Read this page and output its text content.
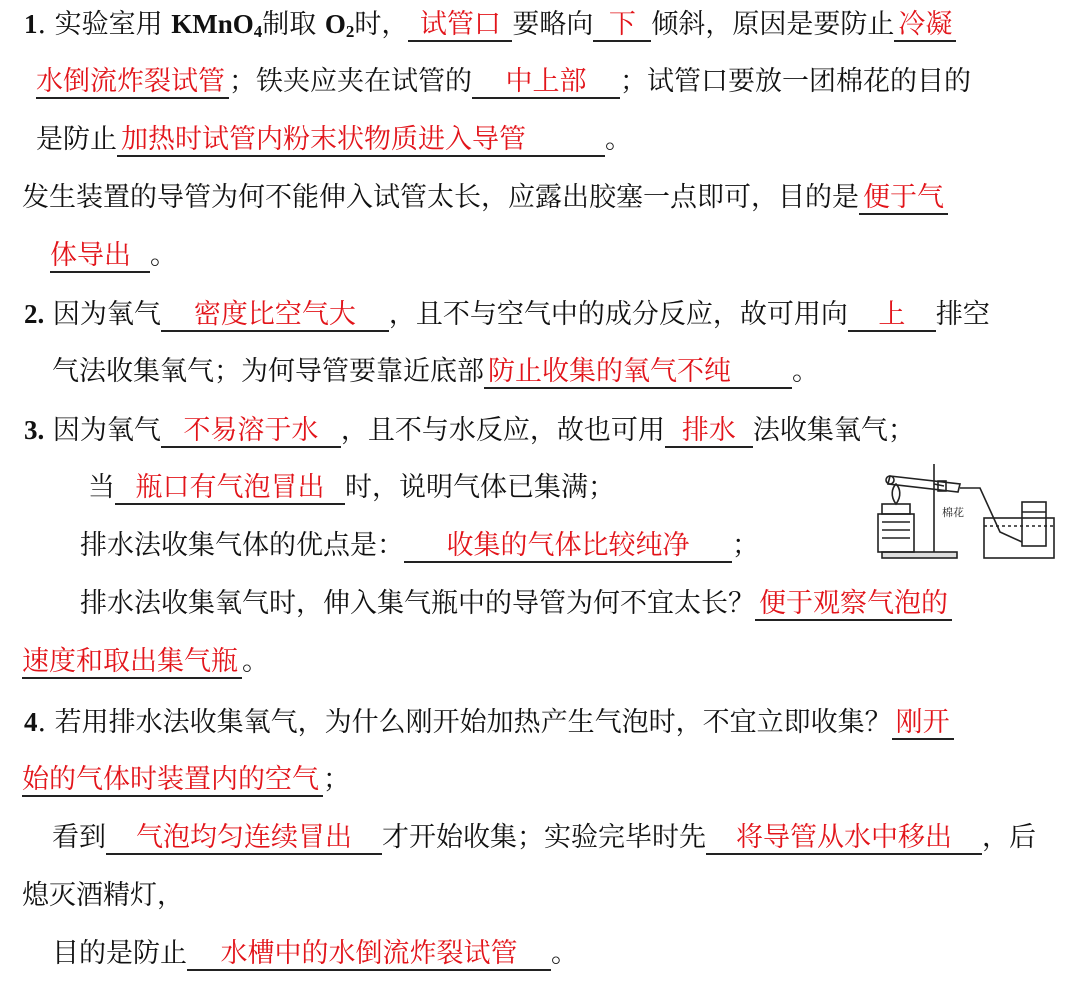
1. 实验室用 KMnO$_4$制取 $O_2$时， 试管口 要略向 下 倾斜，原因是要防止 冷凝
水倒流炸裂试管 ；铁夹应夹在试管的 中上部 ；试管口要放一团棉花的目的
是防止 加热时试管内粉末状物质进入导管	。
发生装置的导管为何不能伸入试管太长，应露出胶塞一点即可，目的是 便于气
体导出 。
2. 因为氧气 密度比空气大 ，且不与空气中的成分反应，故可用向 上 排空
气法收集氧气；为何导管要靠近底部 防止收集的氧气不纯 。
3. 因为氧气 不易溶于水 ，且不与水反应，故也可用 排水 法收集氧气；
当 瓶口有气泡冒出 时，说明气体已集满；
排水法收集气体的优点是： 收集的气体比较纯净 ；
棉花
排水法收集氧气时，伸入集气瓶中的导管为何不宜太长？ 便于观察气泡的
速度和取出集气瓶 。
4. 若用排水法收集氧气，为什么刚开始加热产生气泡时，不宜立即收集？ 刚开
始的气体时装置内的空气 ；
看到 气泡均匀连续冒出 才开始收集；实验完毕时先 将导管从水中移出 ，后
熄灭酒精灯，
目的是防止 水槽中的水倒流炸裂试管 。
